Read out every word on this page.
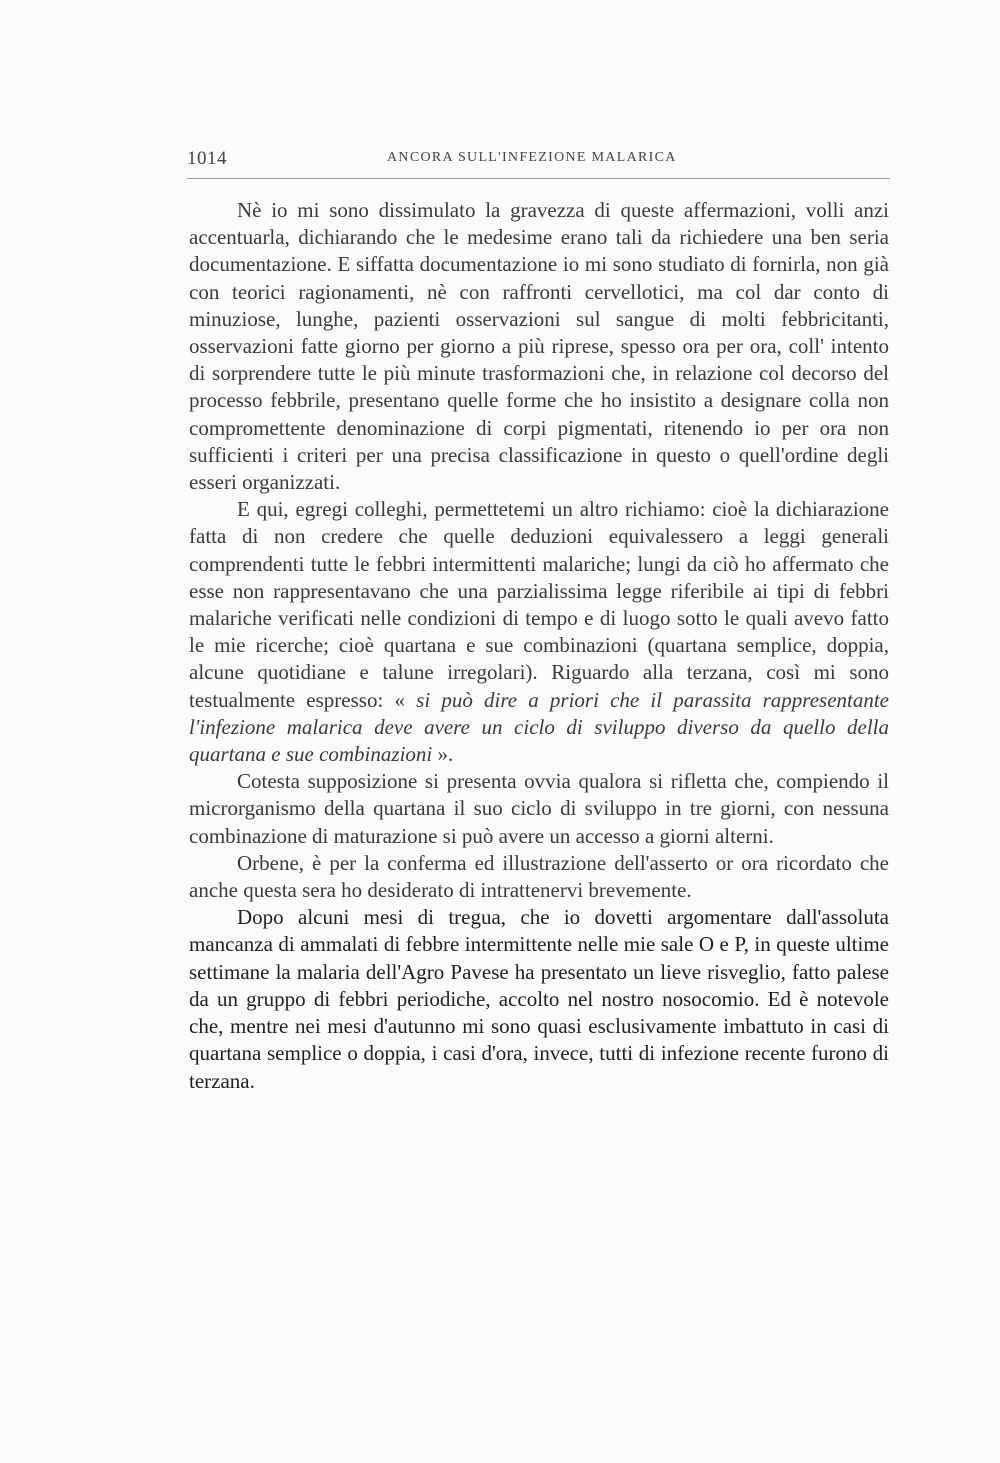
1014	ANCORA SULL'INFEZIONE MALARICA

Nè io mi sono dissimulato la gravezza di queste affermazioni, volli anzi accentuarla, dichiarando che le medesime erano tali da richiedere una ben seria documentazione. E siffatta documentazione io mi sono studiato di fornirla, non già con teorici ragionamenti, nè con raffronti cervellotici, ma col dar conto di minuziose, lunghe, pazienti osservazioni sul sangue di molti febbricitanti, osservazioni fatte giorno per giorno a più riprese, spesso ora per ora, coll' intento di sorprendere tutte le più minute trasformazioni che, in relazione col decorso del processo febbrile, presentano quelle forme che ho insistito a designare colla non compromettente denominazione di corpi pigmentati, ritenendo io per ora non sufficienti i criteri per una precisa classificazione in questo o quell'ordine degli esseri organizzati.

E qui, egregi colleghi, permettetemi un altro richiamo: cioè la dichiarazione fatta di non credere che quelle deduzioni equivalessero a leggi generali comprendenti tutte le febbri intermittenti malariche; lungi da ciò ho affermato che esse non rappresentavano che una parzialissima legge riferibile ai tipi di febbri malariche verificati nelle condizioni di tempo e di luogo sotto le quali avevo fatto le mie ricerche; cioè quartana e sue combinazioni (quartana semplice, doppia, alcune quotidiane e talune irregolari). Riguardo alla terzana, così mi sono testualmente espresso: « si può dire a priori che il parassita rappresentante l'infezione malarica deve avere un ciclo di sviluppo diverso da quello della quartana e sue combinazioni ».

Cotesta supposizione si presenta ovvia qualora si rifletta che, compiendo il microrganismo della quartana il suo ciclo di sviluppo in tre giorni, con nessuna combinazione di maturazione si può avere un accesso a giorni alterni.

Orbene, è per la conferma ed illustrazione dell'asserto or ora ricordato che anche questa sera ho desiderato di intrattenervi brevemente.

Dopo alcuni mesi di tregua, che io dovetti argomentare dall'assoluta mancanza di ammalati di febbre intermittente nelle mie sale O e P, in queste ultime settimane la malaria dell'Agro Pavese ha presentato un lieve risveglio, fatto palese da un gruppo di febbri periodiche, accolto nel nostro nosocomio. Ed è notevole che, mentre nei mesi d'autunno mi sono quasi esclusivamente imbattuto in casi di quartana semplice o doppia, i casi d'ora, invece, tutti di infezione recente furono di terzana.
